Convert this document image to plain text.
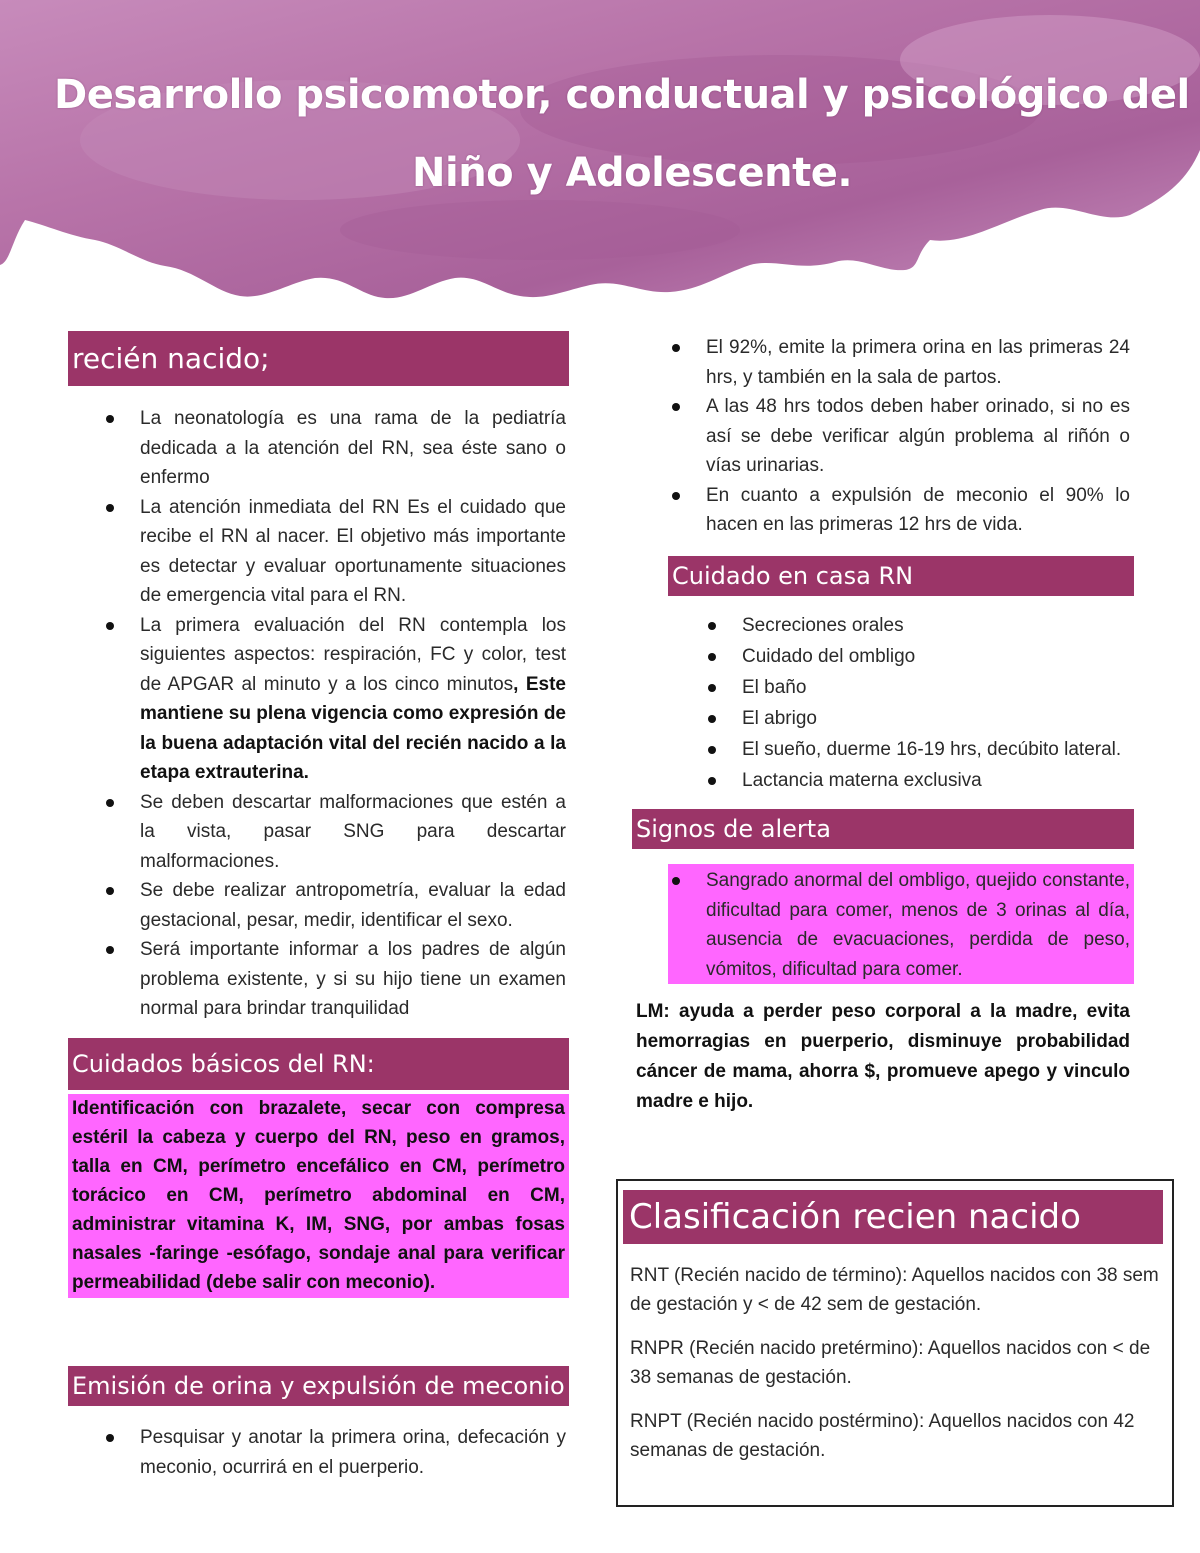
Desarrollo psicomotor, conductual y psicológico del
Niño y Adolescente.
recién nacido;
La neonatología es una rama de la pediatría dedicada a la atención del RN, sea éste sano o enfermo
La atención inmediata del RN Es el cuidado que recibe el RN al nacer. El objetivo más importante es detectar y evaluar oportunamente situaciones de emergencia vital para el RN.
La primera evaluación del RN contempla los siguientes aspectos: respiración, FC y color, test de APGAR al minuto y a los cinco minutos, Este mantiene su plena vigencia como expresión de la buena adaptación vital del recién nacido a la etapa extrauterina.
Se deben descartar malformaciones que estén a la vista, pasar SNG para descartar malformaciones.
Se debe realizar antropometría, evaluar la edad gestacional, pesar, medir, identificar el sexo.
Será importante informar a los padres de algún problema existente, y si su hijo tiene un examen normal para brindar tranquilidad
Cuidados básicos del RN:
Identificación con brazalete, secar con compresa estéril la cabeza y cuerpo del RN, peso en gramos, talla en CM, perímetro encefálico en CM, perímetro torácico en CM, perímetro abdominal en CM, administrar vitamina K, IM, SNG, por ambas fosas nasales -faringe -esófago, sondaje anal para verificar permeabilidad (debe salir con meconio).
Emisión de orina y expulsión de meconio
Pesquisar y anotar la primera orina, defecación y meconio, ocurrirá en el puerperio.
El 92%, emite la primera orina en las primeras 24 hrs, y también en la sala de partos.
A las 48 hrs todos deben haber orinado, si no es así se debe verificar algún problema al riñón o vías urinarias.
En cuanto a expulsión de meconio el 90% lo hacen en las primeras 12 hrs de vida.
Cuidado en casa RN
Secreciones orales
Cuidado del ombligo
El baño
El abrigo
El sueño, duerme 16-19 hrs, decúbito lateral.
Lactancia materna exclusiva
Signos de alerta
Sangrado anormal del ombligo, quejido constante, dificultad para comer, menos de 3 orinas al día, ausencia de evacuaciones, perdida de peso, vómitos, dificultad para comer.
LM: ayuda a perder peso corporal a la madre, evita hemorragias en puerperio, disminuye probabilidad cáncer de mama, ahorra $, promueve apego y vinculo madre e hijo.
Clasificación recien nacido
RNT (Recién nacido de término): Aquellos nacidos con 38 sem de gestación y < de 42 sem de gestación.
RNPR (Recién nacido pretérmino): Aquellos nacidos con < de 38 semanas de gestación.
RNPT (Recién nacido postérmino): Aquellos nacidos con 42 semanas de gestación.
